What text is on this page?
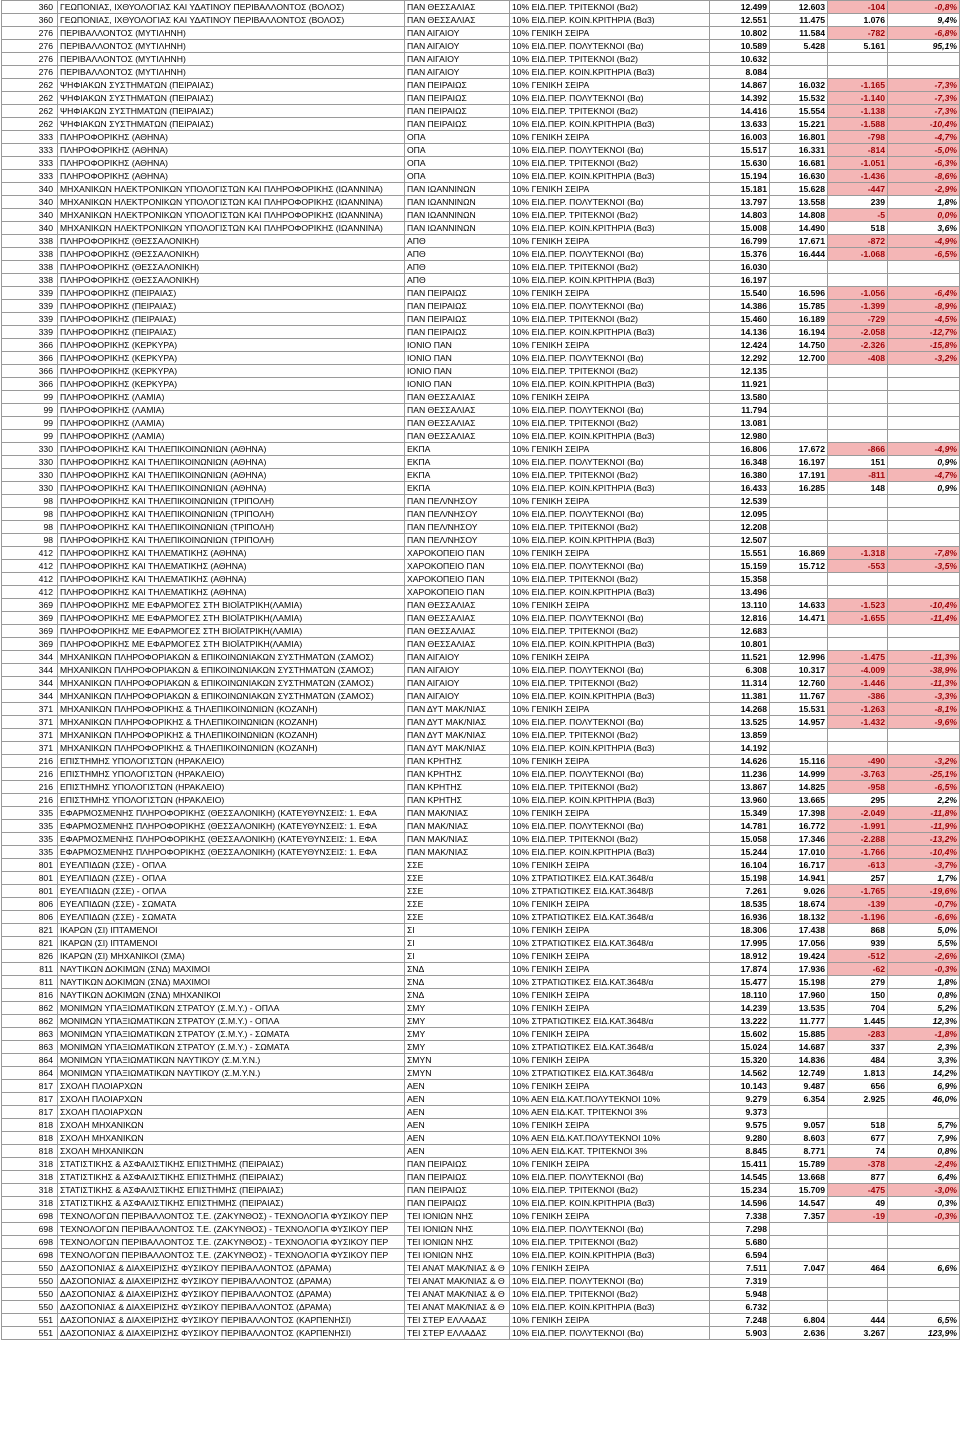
360	ΓΕΩΠΟΝΙΑΣ, ΙΧΘΥΟΛΟΓΙΑΣ ΚΑΙ ΥΔΑΤΙΝΟΥ ΠΕΡΙΒΑΛΛΟΝΤΟΣ (ΒΟΛΟΣ)	ΠΑΝ ΘΕΣΣΑΛΙΑΣ	10% ΕΙΔ.ΠΕΡ. ΤΡΙΤΕΚΝΟΙ (Βα2)	12.499	12.603	-104	-0,8%
360	ΓΕΩΠΟΝΙΑΣ, ΙΧΘΥΟΛΟΓΙΑΣ ΚΑΙ ΥΔΑΤΙΝΟΥ ΠΕΡΙΒΑΛΛΟΝΤΟΣ (ΒΟΛΟΣ)	ΠΑΝ ΘΕΣΣΑΛΙΑΣ	10% ΕΙΔ.ΠΕΡ. ΚΟΙΝ.ΚΡΙΤΗΡΙΑ (Βα3)	12.551	11.475	1.076	9,4%
276	ΠΕΡΙΒΑΛΛΟΝΤΟΣ (ΜΥΤΙΛΗΝΗ)	ΠΑΝ ΑΙΓΑΙΟΥ	10% ΓΕΝΙΚΗ ΣΕΙΡΑ	10.802	11.584	-782	-6,8%
276	ΠΕΡΙΒΑΛΛΟΝΤΟΣ (ΜΥΤΙΛΗΝΗ)	ΠΑΝ ΑΙΓΑΙΟΥ	10% ΕΙΔ.ΠΕΡ. ΠΟΛΥΤΕΚΝΟΙ (Βα)	10.589	5.428	5.161	95,1%
276	ΠΕΡΙΒΑΛΛΟΝΤΟΣ (ΜΥΤΙΛΗΝΗ)	ΠΑΝ ΑΙΓΑΙΟΥ	10% ΕΙΔ.ΠΕΡ. ΤΡΙΤΕΚΝΟΙ (Βα2)	10.632			
276	ΠΕΡΙΒΑΛΛΟΝΤΟΣ (ΜΥΤΙΛΗΝΗ)	ΠΑΝ ΑΙΓΑΙΟΥ	10% ΕΙΔ.ΠΕΡ. ΚΟΙΝ.ΚΡΙΤΗΡΙΑ (Βα3)	8.084			
262	ΨΗΦΙΑΚΩΝ ΣΥΣΤΗΜΑΤΩΝ (ΠΕΙΡΑΙΑΣ)	ΠΑΝ ΠΕΙΡΑΙΩΣ	10% ΓΕΝΙΚΗ ΣΕΙΡΑ	14.867	16.032	-1.165	-7,3%
262	ΨΗΦΙΑΚΩΝ ΣΥΣΤΗΜΑΤΩΝ (ΠΕΙΡΑΙΑΣ)	ΠΑΝ ΠΕΙΡΑΙΩΣ	10% ΕΙΔ.ΠΕΡ. ΠΟΛΥΤΕΚΝΟΙ (Βα)	14.392	15.532	-1.140	-7,3%
262	ΨΗΦΙΑΚΩΝ ΣΥΣΤΗΜΑΤΩΝ (ΠΕΙΡΑΙΑΣ)	ΠΑΝ ΠΕΙΡΑΙΩΣ	10% ΕΙΔ.ΠΕΡ. ΤΡΙΤΕΚΝΟΙ (Βα2)	14.416	15.554	-1.138	-7,3%
262	ΨΗΦΙΑΚΩΝ ΣΥΣΤΗΜΑΤΩΝ (ΠΕΙΡΑΙΑΣ)	ΠΑΝ ΠΕΙΡΑΙΩΣ	10% ΕΙΔ.ΠΕΡ. ΚΟΙΝ.ΚΡΙΤΗΡΙΑ (Βα3)	13.633	15.221	-1.588	-10,4%
333	ΠΛΗΡΟΦΟΡΙΚΗΣ (ΑΘΗΝΑ)	ΟΠΑ	10% ΓΕΝΙΚΗ ΣΕΙΡΑ	16.003	16.801	-798	-4,7%
333	ΠΛΗΡΟΦΟΡΙΚΗΣ (ΑΘΗΝΑ)	ΟΠΑ	10% ΕΙΔ.ΠΕΡ. ΠΟΛΥΤΕΚΝΟΙ (Βα)	15.517	16.331	-814	-5,0%
333	ΠΛΗΡΟΦΟΡΙΚΗΣ (ΑΘΗΝΑ)	ΟΠΑ	10% ΕΙΔ.ΠΕΡ. ΤΡΙΤΕΚΝΟΙ (Βα2)	15.630	16.681	-1.051	-6,3%
333	ΠΛΗΡΟΦΟΡΙΚΗΣ (ΑΘΗΝΑ)	ΟΠΑ	10% ΕΙΔ.ΠΕΡ. ΚΟΙΝ.ΚΡΙΤΗΡΙΑ (Βα3)	15.194	16.630	-1.436	-8,6%
340	ΜΗΧΑΝΙΚΩΝ ΗΛΕΚΤΡΟΝΙΚΩΝ ΥΠΟΛΟΓΙΣΤΩΝ ΚΑΙ ΠΛΗΡΟΦΟΡΙΚΗΣ (ΙΩΑΝΝΙΝΑ)	ΠΑΝ ΙΩΑΝΝΙΝΩΝ	10% ΓΕΝΙΚΗ ΣΕΙΡΑ	15.181	15.628	-447	-2,9%
340	ΜΗΧΑΝΙΚΩΝ ΗΛΕΚΤΡΟΝΙΚΩΝ ΥΠΟΛΟΓΙΣΤΩΝ ΚΑΙ ΠΛΗΡΟΦΟΡΙΚΗΣ (ΙΩΑΝΝΙΝΑ)	ΠΑΝ ΙΩΑΝΝΙΝΩΝ	10% ΕΙΔ.ΠΕΡ. ΠΟΛΥΤΕΚΝΟΙ (Βα)	13.797	13.558	239	1,8%
340	ΜΗΧΑΝΙΚΩΝ ΗΛΕΚΤΡΟΝΙΚΩΝ ΥΠΟΛΟΓΙΣΤΩΝ ΚΑΙ ΠΛΗΡΟΦΟΡΙΚΗΣ (ΙΩΑΝΝΙΝΑ)	ΠΑΝ ΙΩΑΝΝΙΝΩΝ	10% ΕΙΔ.ΠΕΡ. ΤΡΙΤΕΚΝΟΙ (Βα2)	14.803	14.808	-5	0,0%
340	ΜΗΧΑΝΙΚΩΝ ΗΛΕΚΤΡΟΝΙΚΩΝ ΥΠΟΛΟΓΙΣΤΩΝ ΚΑΙ ΠΛΗΡΟΦΟΡΙΚΗΣ (ΙΩΑΝΝΙΝΑ)	ΠΑΝ ΙΩΑΝΝΙΝΩΝ	10% ΕΙΔ.ΠΕΡ. ΚΟΙΝ.ΚΡΙΤΗΡΙΑ (Βα3)	15.008	14.490	518	3,6%
338	ΠΛΗΡΟΦΟΡΙΚΗΣ (ΘΕΣΣΑΛΟΝΙΚΗ)	ΑΠΘ	10% ΓΕΝΙΚΗ ΣΕΙΡΑ	16.799	17.671	-872	-4,9%
338	ΠΛΗΡΟΦΟΡΙΚΗΣ (ΘΕΣΣΑΛΟΝΙΚΗ)	ΑΠΘ	10% ΕΙΔ.ΠΕΡ. ΠΟΛΥΤΕΚΝΟΙ (Βα)	15.376	16.444	-1.068	-6,5%
338	ΠΛΗΡΟΦΟΡΙΚΗΣ (ΘΕΣΣΑΛΟΝΙΚΗ)	ΑΠΘ	10% ΕΙΔ.ΠΕΡ. ΤΡΙΤΕΚΝΟΙ (Βα2)	16.030			
338	ΠΛΗΡΟΦΟΡΙΚΗΣ (ΘΕΣΣΑΛΟΝΙΚΗ)	ΑΠΘ	10% ΕΙΔ.ΠΕΡ. ΚΟΙΝ.ΚΡΙΤΗΡΙΑ (Βα3)	16.197			
339	ΠΛΗΡΟΦΟΡΙΚΗΣ (ΠΕΙΡΑΙΑΣ)	ΠΑΝ ΠΕΙΡΑΙΩΣ	10% ΓΕΝΙΚΗ ΣΕΙΡΑ	15.540	16.596	-1.056	-6,4%
339	ΠΛΗΡΟΦΟΡΙΚΗΣ (ΠΕΙΡΑΙΑΣ)	ΠΑΝ ΠΕΙΡΑΙΩΣ	10% ΕΙΔ.ΠΕΡ. ΠΟΛΥΤΕΚΝΟΙ (Βα)	14.386	15.785	-1.399	-8,9%
339	ΠΛΗΡΟΦΟΡΙΚΗΣ (ΠΕΙΡΑΙΑΣ)	ΠΑΝ ΠΕΙΡΑΙΩΣ	10% ΕΙΔ.ΠΕΡ. ΤΡΙΤΕΚΝΟΙ (Βα2)	15.460	16.189	-729	-4,5%
339	ΠΛΗΡΟΦΟΡΙΚΗΣ (ΠΕΙΡΑΙΑΣ)	ΠΑΝ ΠΕΙΡΑΙΩΣ	10% ΕΙΔ.ΠΕΡ. ΚΟΙΝ.ΚΡΙΤΗΡΙΑ (Βα3)	14.136	16.194	-2.058	-12,7%
366	ΠΛΗΡΟΦΟΡΙΚΗΣ (ΚΕΡΚΥΡΑ)	ΙΟΝΙΟ ΠΑΝ	10% ΓΕΝΙΚΗ ΣΕΙΡΑ	12.424	14.750	-2.326	-15,8%
366	ΠΛΗΡΟΦΟΡΙΚΗΣ (ΚΕΡΚΥΡΑ)	ΙΟΝΙΟ ΠΑΝ	10% ΕΙΔ.ΠΕΡ. ΠΟΛΥΤΕΚΝΟΙ (Βα)	12.292	12.700	-408	-3,2%
366	ΠΛΗΡΟΦΟΡΙΚΗΣ (ΚΕΡΚΥΡΑ)	ΙΟΝΙΟ ΠΑΝ	10% ΕΙΔ.ΠΕΡ. ΤΡΙΤΕΚΝΟΙ (Βα2)	12.135			
366	ΠΛΗΡΟΦΟΡΙΚΗΣ (ΚΕΡΚΥΡΑ)	ΙΟΝΙΟ ΠΑΝ	10% ΕΙΔ.ΠΕΡ. ΚΟΙΝ.ΚΡΙΤΗΡΙΑ (Βα3)	11.921			
99	ΠΛΗΡΟΦΟΡΙΚΗΣ (ΛΑΜΙΑ)	ΠΑΝ ΘΕΣΣΑΛΙΑΣ	10% ΓΕΝΙΚΗ ΣΕΙΡΑ	13.580			
99	ΠΛΗΡΟΦΟΡΙΚΗΣ (ΛΑΜΙΑ)	ΠΑΝ ΘΕΣΣΑΛΙΑΣ	10% ΕΙΔ.ΠΕΡ. ΠΟΛΥΤΕΚΝΟΙ (Βα)	11.794			
99	ΠΛΗΡΟΦΟΡΙΚΗΣ (ΛΑΜΙΑ)	ΠΑΝ ΘΕΣΣΑΛΙΑΣ	10% ΕΙΔ.ΠΕΡ. ΤΡΙΤΕΚΝΟΙ (Βα2)	13.081			
99	ΠΛΗΡΟΦΟΡΙΚΗΣ (ΛΑΜΙΑ)	ΠΑΝ ΘΕΣΣΑΛΙΑΣ	10% ΕΙΔ.ΠΕΡ. ΚΟΙΝ.ΚΡΙΤΗΡΙΑ (Βα3)	12.980			
330	ΠΛΗΡΟΦΟΡΙΚΗΣ ΚΑΙ ΤΗΛΕΠΙΚΟΙΝΩΝΙΩΝ (ΑΘΗΝΑ)	ΕΚΠΑ	10% ΓΕΝΙΚΗ ΣΕΙΡΑ	16.806	17.672	-866	-4,9%
330	ΠΛΗΡΟΦΟΡΙΚΗΣ ΚΑΙ ΤΗΛΕΠΙΚΟΙΝΩΝΙΩΝ (ΑΘΗΝΑ)	ΕΚΠΑ	10% ΕΙΔ.ΠΕΡ. ΠΟΛΥΤΕΚΝΟΙ (Βα)	16.348	16.197	151	0,9%
330	ΠΛΗΡΟΦΟΡΙΚΗΣ ΚΑΙ ΤΗΛΕΠΙΚΟΙΝΩΝΙΩΝ (ΑΘΗΝΑ)	ΕΚΠΑ	10% ΕΙΔ.ΠΕΡ. ΤΡΙΤΕΚΝΟΙ (Βα2)	16.380	17.191	-811	-4,7%
330	ΠΛΗΡΟΦΟΡΙΚΗΣ ΚΑΙ ΤΗΛΕΠΙΚΟΙΝΩΝΙΩΝ (ΑΘΗΝΑ)	ΕΚΠΑ	10% ΕΙΔ.ΠΕΡ. ΚΟΙΝ.ΚΡΙΤΗΡΙΑ (Βα3)	16.433	16.285	148	0,9%
98	ΠΛΗΡΟΦΟΡΙΚΗΣ ΚΑΙ ΤΗΛΕΠΙΚΟΙΝΩΝΙΩΝ (ΤΡΙΠΟΛΗ)	ΠΑΝ ΠΕΛ/ΝΗΣΟΥ	10% ΓΕΝΙΚΗ ΣΕΙΡΑ	12.539			
98	ΠΛΗΡΟΦΟΡΙΚΗΣ ΚΑΙ ΤΗΛΕΠΙΚΟΙΝΩΝΙΩΝ (ΤΡΙΠΟΛΗ)	ΠΑΝ ΠΕΛ/ΝΗΣΟΥ	10% ΕΙΔ.ΠΕΡ. ΠΟΛΥΤΕΚΝΟΙ (Βα)	12.095			
98	ΠΛΗΡΟΦΟΡΙΚΗΣ ΚΑΙ ΤΗΛΕΠΙΚΟΙΝΩΝΙΩΝ (ΤΡΙΠΟΛΗ)	ΠΑΝ ΠΕΛ/ΝΗΣΟΥ	10% ΕΙΔ.ΠΕΡ. ΤΡΙΤΕΚΝΟΙ (Βα2)	12.208			
98	ΠΛΗΡΟΦΟΡΙΚΗΣ ΚΑΙ ΤΗΛΕΠΙΚΟΙΝΩΝΙΩΝ (ΤΡΙΠΟΛΗ)	ΠΑΝ ΠΕΛ/ΝΗΣΟΥ	10% ΕΙΔ.ΠΕΡ. ΚΟΙΝ.ΚΡΙΤΗΡΙΑ (Βα3)	12.507			
412	ΠΛΗΡΟΦΟΡΙΚΗΣ ΚΑΙ ΤΗΛΕΜΑΤΙΚΗΣ (ΑΘΗΝΑ)	ΧΑΡΟΚΟΠΕΙΟ ΠΑΝ	10% ΓΕΝΙΚΗ ΣΕΙΡΑ	15.551	16.869	-1.318	-7,8%
412	ΠΛΗΡΟΦΟΡΙΚΗΣ ΚΑΙ ΤΗΛΕΜΑΤΙΚΗΣ (ΑΘΗΝΑ)	ΧΑΡΟΚΟΠΕΙΟ ΠΑΝ	10% ΕΙΔ.ΠΕΡ. ΠΟΛΥΤΕΚΝΟΙ (Βα)	15.159	15.712	-553	-3,5%
412	ΠΛΗΡΟΦΟΡΙΚΗΣ ΚΑΙ ΤΗΛΕΜΑΤΙΚΗΣ (ΑΘΗΝΑ)	ΧΑΡΟΚΟΠΕΙΟ ΠΑΝ	10% ΕΙΔ.ΠΕΡ. ΤΡΙΤΕΚΝΟΙ (Βα2)	15.358			
412	ΠΛΗΡΟΦΟΡΙΚΗΣ ΚΑΙ ΤΗΛΕΜΑΤΙΚΗΣ (ΑΘΗΝΑ)	ΧΑΡΟΚΟΠΕΙΟ ΠΑΝ	10% ΕΙΔ.ΠΕΡ. ΚΟΙΝ.ΚΡΙΤΗΡΙΑ (Βα3)	13.496			
369	ΠΛΗΡΟΦΟΡΙΚΗΣ ΜΕ ΕΦΑΡΜΟΓΕΣ ΣΤΗ ΒΙΟΪΑΤΡΙΚΗ(ΛΑΜΙΑ)	ΠΑΝ ΘΕΣΣΑΛΙΑΣ	10% ΓΕΝΙΚΗ ΣΕΙΡΑ	13.110	14.633	-1.523	-10,4%
369	ΠΛΗΡΟΦΟΡΙΚΗΣ ΜΕ ΕΦΑΡΜΟΓΕΣ ΣΤΗ ΒΙΟΪΑΤΡΙΚΗ(ΛΑΜΙΑ)	ΠΑΝ ΘΕΣΣΑΛΙΑΣ	10% ΕΙΔ.ΠΕΡ. ΠΟΛΥΤΕΚΝΟΙ (Βα)	12.816	14.471	-1.655	-11,4%
369	ΠΛΗΡΟΦΟΡΙΚΗΣ ΜΕ ΕΦΑΡΜΟΓΕΣ ΣΤΗ ΒΙΟΪΑΤΡΙΚΗ(ΛΑΜΙΑ)	ΠΑΝ ΘΕΣΣΑΛΙΑΣ	10% ΕΙΔ.ΠΕΡ. ΤΡΙΤΕΚΝΟΙ (Βα2)	12.683			
369	ΠΛΗΡΟΦΟΡΙΚΗΣ ΜΕ ΕΦΑΡΜΟΓΕΣ ΣΤΗ ΒΙΟΪΑΤΡΙΚΗ(ΛΑΜΙΑ)	ΠΑΝ ΘΕΣΣΑΛΙΑΣ	10% ΕΙΔ.ΠΕΡ. ΚΟΙΝ.ΚΡΙΤΗΡΙΑ (Βα3)	10.801			
344	ΜΗΧΑΝΙΚΩΝ ΠΛΗΡΟΦΟΡΙΑΚΩΝ & ΕΠΙΚΟΙΝΩΝΙΑΚΩΝ ΣΥΣΤΗΜΑΤΩΝ (ΣΑΜΟΣ)	ΠΑΝ ΑΙΓΑΙΟΥ	10% ΓΕΝΙΚΗ ΣΕΙΡΑ	11.521	12.996	-1.475	-11,3%
344	ΜΗΧΑΝΙΚΩΝ ΠΛΗΡΟΦΟΡΙΑΚΩΝ & ΕΠΙΚΟΙΝΩΝΙΑΚΩΝ ΣΥΣΤΗΜΑΤΩΝ (ΣΑΜΟΣ)	ΠΑΝ ΑΙΓΑΙΟΥ	10% ΕΙΔ.ΠΕΡ. ΠΟΛΥΤΕΚΝΟΙ (Βα)	6.308	10.317	-4.009	-38,9%
344	ΜΗΧΑΝΙΚΩΝ ΠΛΗΡΟΦΟΡΙΑΚΩΝ & ΕΠΙΚΟΙΝΩΝΙΑΚΩΝ ΣΥΣΤΗΜΑΤΩΝ (ΣΑΜΟΣ)	ΠΑΝ ΑΙΓΑΙΟΥ	10% ΕΙΔ.ΠΕΡ. ΤΡΙΤΕΚΝΟΙ (Βα2)	11.314	12.760	-1.446	-11,3%
344	ΜΗΧΑΝΙΚΩΝ ΠΛΗΡΟΦΟΡΙΑΚΩΝ & ΕΠΙΚΟΙΝΩΝΙΑΚΩΝ ΣΥΣΤΗΜΑΤΩΝ (ΣΑΜΟΣ)	ΠΑΝ ΑΙΓΑΙΟΥ	10% ΕΙΔ.ΠΕΡ. ΚΟΙΝ.ΚΡΙΤΗΡΙΑ (Βα3)	11.381	11.767	-386	-3,3%
371	ΜΗΧΑΝΙΚΩΝ ΠΛΗΡΟΦΟΡΙΚΗΣ & ΤΗΛΕΠΙΚΟΙΝΩΝΙΩΝ (ΚΟΖΑΝΗ)	ΠΑΝ ΔΥΤ ΜΑΚ/ΝΙΑΣ	10% ΓΕΝΙΚΗ ΣΕΙΡΑ	14.268	15.531	-1.263	-8,1%
371	ΜΗΧΑΝΙΚΩΝ ΠΛΗΡΟΦΟΡΙΚΗΣ & ΤΗΛΕΠΙΚΟΙΝΩΝΙΩΝ (ΚΟΖΑΝΗ)	ΠΑΝ ΔΥΤ ΜΑΚ/ΝΙΑΣ	10% ΕΙΔ.ΠΕΡ. ΠΟΛΥΤΕΚΝΟΙ (Βα)	13.525	14.957	-1.432	-9,6%
371	ΜΗΧΑΝΙΚΩΝ ΠΛΗΡΟΦΟΡΙΚΗΣ & ΤΗΛΕΠΙΚΟΙΝΩΝΙΩΝ (ΚΟΖΑΝΗ)	ΠΑΝ ΔΥΤ ΜΑΚ/ΝΙΑΣ	10% ΕΙΔ.ΠΕΡ. ΤΡΙΤΕΚΝΟΙ (Βα2)	13.859			
371	ΜΗΧΑΝΙΚΩΝ ΠΛΗΡΟΦΟΡΙΚΗΣ & ΤΗΛΕΠΙΚΟΙΝΩΝΙΩΝ (ΚΟΖΑΝΗ)	ΠΑΝ ΔΥΤ ΜΑΚ/ΝΙΑΣ	10% ΕΙΔ.ΠΕΡ. ΚΟΙΝ.ΚΡΙΤΗΡΙΑ (Βα3)	14.192			
216	ΕΠΙΣΤΗΜΗΣ ΥΠΟΛΟΓΙΣΤΩΝ (ΗΡΑΚΛΕΙΟ)	ΠΑΝ ΚΡΗΤΗΣ	10% ΓΕΝΙΚΗ ΣΕΙΡΑ	14.626	15.116	-490	-3,2%
216	ΕΠΙΣΤΗΜΗΣ ΥΠΟΛΟΓΙΣΤΩΝ (ΗΡΑΚΛΕΙΟ)	ΠΑΝ ΚΡΗΤΗΣ	10% ΕΙΔ.ΠΕΡ. ΠΟΛΥΤΕΚΝΟΙ (Βα)	11.236	14.999	-3.763	-25,1%
216	ΕΠΙΣΤΗΜΗΣ ΥΠΟΛΟΓΙΣΤΩΝ (ΗΡΑΚΛΕΙΟ)	ΠΑΝ ΚΡΗΤΗΣ	10% ΕΙΔ.ΠΕΡ. ΤΡΙΤΕΚΝΟΙ (Βα2)	13.867	14.825	-958	-6,5%
216	ΕΠΙΣΤΗΜΗΣ ΥΠΟΛΟΓΙΣΤΩΝ (ΗΡΑΚΛΕΙΟ)	ΠΑΝ ΚΡΗΤΗΣ	10% ΕΙΔ.ΠΕΡ. ΚΟΙΝ.ΚΡΙΤΗΡΙΑ (Βα3)	13.960	13.665	295	2,2%
335	ΕΦΑΡΜΟΣΜΕΝΗΣ ΠΛΗΡΟΦΟΡΙΚΗΣ (ΘΕΣΣΑΛΟΝΙΚΗ) (ΚΑΤΕΥΘΥΝΣΕΙΣ: 1. ΕΦΑ	ΠΑΝ ΜΑΚ/ΝΙΑΣ	10% ΓΕΝΙΚΗ ΣΕΙΡΑ	15.349	17.398	-2.049	-11,8%
335	ΕΦΑΡΜΟΣΜΕΝΗΣ ΠΛΗΡΟΦΟΡΙΚΗΣ (ΘΕΣΣΑΛΟΝΙΚΗ) (ΚΑΤΕΥΘΥΝΣΕΙΣ: 1. ΕΦΑ	ΠΑΝ ΜΑΚ/ΝΙΑΣ	10% ΕΙΔ.ΠΕΡ. ΠΟΛΥΤΕΚΝΟΙ (Βα)	14.781	16.772	-1.991	-11,9%
335	ΕΦΑΡΜΟΣΜΕΝΗΣ ΠΛΗΡΟΦΟΡΙΚΗΣ (ΘΕΣΣΑΛΟΝΙΚΗ) (ΚΑΤΕΥΘΥΝΣΕΙΣ: 1. ΕΦΑ	ΠΑΝ ΜΑΚ/ΝΙΑΣ	10% ΕΙΔ.ΠΕΡ. ΤΡΙΤΕΚΝΟΙ (Βα2)	15.058	17.346	-2.288	-13,2%
335	ΕΦΑΡΜΟΣΜΕΝΗΣ ΠΛΗΡΟΦΟΡΙΚΗΣ (ΘΕΣΣΑΛΟΝΙΚΗ) (ΚΑΤΕΥΘΥΝΣΕΙΣ: 1. ΕΦΑ	ΠΑΝ ΜΑΚ/ΝΙΑΣ	10% ΕΙΔ.ΠΕΡ. ΚΟΙΝ.ΚΡΙΤΗΡΙΑ (Βα3)	15.244	17.010	-1.766	-10,4%
801	ΕΥΕΛΠΙΔΩΝ (ΣΣΕ) - ΟΠΛΑ	ΣΣΕ	10% ΓΕΝΙΚΗ ΣΕΙΡΑ	16.104	16.717	-613	-3,7%
801	ΕΥΕΛΠΙΔΩΝ (ΣΣΕ) - ΟΠΛΑ	ΣΣΕ	10% ΣΤΡΑΤΙΩΤΙΚΕΣ ΕΙΔ.ΚΑΤ.3648/α	15.198	14.941	257	1,7%
801	ΕΥΕΛΠΙΔΩΝ (ΣΣΕ) - ΟΠΛΑ	ΣΣΕ	10% ΣΤΡΑΤΙΩΤΙΚΕΣ ΕΙΔ.ΚΑΤ.3648/β	7.261	9.026	-1.765	-19,6%
806	ΕΥΕΛΠΙΔΩΝ (ΣΣΕ) - ΣΩΜΑΤΑ	ΣΣΕ	10% ΓΕΝΙΚΗ ΣΕΙΡΑ	18.535	18.674	-139	-0,7%
806	ΕΥΕΛΠΙΔΩΝ (ΣΣΕ) - ΣΩΜΑΤΑ	ΣΣΕ	10% ΣΤΡΑΤΙΩΤΙΚΕΣ ΕΙΔ.ΚΑΤ.3648/α	16.936	18.132	-1.196	-6,6%
821	ΙΚΑΡΩΝ (ΣΙ) ΙΠΤΑΜΕΝΟΙ	ΣΙ	10% ΓΕΝΙΚΗ ΣΕΙΡΑ	18.306	17.438	868	5,0%
821	ΙΚΑΡΩΝ (ΣΙ) ΙΠΤΑΜΕΝΟΙ	ΣΙ	10% ΣΤΡΑΤΙΩΤΙΚΕΣ ΕΙΔ.ΚΑΤ.3648/α	17.995	17.056	939	5,5%
826	ΙΚΑΡΩΝ (ΣΙ) ΜΗΧΑΝΙΚΟΙ (ΣΜΑ)	ΣΙ	10% ΓΕΝΙΚΗ ΣΕΙΡΑ	18.912	19.424	-512	-2,6%
811	ΝΑΥΤΙΚΩΝ ΔΟΚΙΜΩΝ (ΣΝΔ) ΜΑΧΙΜΟΙ	ΣΝΔ	10% ΓΕΝΙΚΗ ΣΕΙΡΑ	17.874	17.936	-62	-0,3%
811	ΝΑΥΤΙΚΩΝ ΔΟΚΙΜΩΝ (ΣΝΔ) ΜΑΧΙΜΟΙ	ΣΝΔ	10% ΣΤΡΑΤΙΩΤΙΚΕΣ ΕΙΔ.ΚΑΤ.3648/α	15.477	15.198	279	1,8%
816	ΝΑΥΤΙΚΩΝ ΔΟΚΙΜΩΝ (ΣΝΔ) ΜΗΧΑΝΙΚΟΙ	ΣΝΔ	10% ΓΕΝΙΚΗ ΣΕΙΡΑ	18.110	17.960	150	0,8%
862	ΜΟΝΙΜΩΝ ΥΠΑΞΙΩΜΑΤΙΚΩΝ ΣΤΡΑΤΟΥ (Σ.Μ.Υ.) - ΟΠΛΑ	ΣΜΥ	10% ΓΕΝΙΚΗ ΣΕΙΡΑ	14.239	13.535	704	5,2%
862	ΜΟΝΙΜΩΝ ΥΠΑΞΙΩΜΑΤΙΚΩΝ ΣΤΡΑΤΟΥ (Σ.Μ.Υ.) - ΟΠΛΑ	ΣΜΥ	10% ΣΤΡΑΤΙΩΤΙΚΕΣ ΕΙΔ.ΚΑΤ.3648/α	13.222	11.777	1.445	12,3%
863	ΜΟΝΙΜΩΝ ΥΠΑΞΙΩΜΑΤΙΚΩΝ ΣΤΡΑΤΟΥ (Σ.Μ.Υ.) - ΣΩΜΑΤΑ	ΣΜΥ	10% ΓΕΝΙΚΗ ΣΕΙΡΑ	15.602	15.885	-283	-1,8%
863	ΜΟΝΙΜΩΝ ΥΠΑΞΙΩΜΑΤΙΚΩΝ ΣΤΡΑΤΟΥ (Σ.Μ.Υ.) - ΣΩΜΑΤΑ	ΣΜΥ	10% ΣΤΡΑΤΙΩΤΙΚΕΣ ΕΙΔ.ΚΑΤ.3648/α	15.024	14.687	337	2,3%
864	ΜΟΝΙΜΩΝ ΥΠΑΞΙΩΜΑΤΙΚΩΝ ΝΑΥΤΙΚΟΥ (Σ.Μ.Υ.Ν.)	ΣΜΥΝ	10% ΓΕΝΙΚΗ ΣΕΙΡΑ	15.320	14.836	484	3,3%
864	ΜΟΝΙΜΩΝ ΥΠΑΞΙΩΜΑΤΙΚΩΝ ΝΑΥΤΙΚΟΥ (Σ.Μ.Υ.Ν.)	ΣΜΥΝ	10% ΣΤΡΑΤΙΩΤΙΚΕΣ ΕΙΔ.ΚΑΤ.3648/α	14.562	12.749	1.813	14,2%
817	ΣΧΟΛΗ ΠΛΟΙΑΡΧΩΝ	ΑΕΝ	10% ΓΕΝΙΚΗ ΣΕΙΡΑ	10.143	9.487	656	6,9%
817	ΣΧΟΛΗ ΠΛΟΙΑΡΧΩΝ	ΑΕΝ	10% ΑΕΝ ΕΙΔ.ΚΑΤ.ΠΟΛΥΤΕΚΝΟΙ 10%	9.279	6.354	2.925	46,0%
817	ΣΧΟΛΗ ΠΛΟΙΑΡΧΩΝ	ΑΕΝ	10% ΑΕΝ ΕΙΔ.ΚΑΤ. ΤΡΙΤΕΚΝΟΙ 3%	9.373			
818	ΣΧΟΛΗ ΜΗΧΑΝΙΚΩΝ	ΑΕΝ	10% ΓΕΝΙΚΗ ΣΕΙΡΑ	9.575	9.057	518	5,7%
818	ΣΧΟΛΗ ΜΗΧΑΝΙΚΩΝ	ΑΕΝ	10% ΑΕΝ ΕΙΔ.ΚΑΤ.ΠΟΛΥΤΕΚΝΟΙ 10%	9.280	8.603	677	7,9%
818	ΣΧΟΛΗ ΜΗΧΑΝΙΚΩΝ	ΑΕΝ	10% ΑΕΝ ΕΙΔ.ΚΑΤ. ΤΡΙΤΕΚΝΟΙ 3%	8.845	8.771	74	0,8%
318	ΣΤΑΤΙΣΤΙΚΗΣ & ΑΣΦΑΛΙΣΤΙΚΗΣ ΕΠΙΣΤΗΜΗΣ (ΠΕΙΡΑΙΑΣ)	ΠΑΝ ΠΕΙΡΑΙΩΣ	10% ΓΕΝΙΚΗ ΣΕΙΡΑ	15.411	15.789	-378	-2,4%
318	ΣΤΑΤΙΣΤΙΚΗΣ & ΑΣΦΑΛΙΣΤΙΚΗΣ ΕΠΙΣΤΗΜΗΣ (ΠΕΙΡΑΙΑΣ)	ΠΑΝ ΠΕΙΡΑΙΩΣ	10% ΕΙΔ.ΠΕΡ. ΠΟΛΥΤΕΚΝΟΙ (Βα)	14.545	13.668	877	6,4%
318	ΣΤΑΤΙΣΤΙΚΗΣ & ΑΣΦΑΛΙΣΤΙΚΗΣ ΕΠΙΣΤΗΜΗΣ (ΠΕΙΡΑΙΑΣ)	ΠΑΝ ΠΕΙΡΑΙΩΣ	10% ΕΙΔ.ΠΕΡ. ΤΡΙΤΕΚΝΟΙ (Βα2)	15.234	15.709	-475	-3,0%
318	ΣΤΑΤΙΣΤΙΚΗΣ & ΑΣΦΑΛΙΣΤΙΚΗΣ ΕΠΙΣΤΗΜΗΣ (ΠΕΙΡΑΙΑΣ)	ΠΑΝ ΠΕΙΡΑΙΩΣ	10% ΕΙΔ.ΠΕΡ. ΚΟΙΝ.ΚΡΙΤΗΡΙΑ (Βα3)	14.596	14.547	49	0,3%
698	ΤΕΧΝΟΛΟΓΩΝ ΠΕΡΙΒΑΛΛΟΝΤΟΣ Τ.Ε. (ΖΑΚΥΝΘΟΣ) - ΤΕΧΝΟΛΟΓΙΑ ΦΥΣΙΚΟΥ ΠΕΡ	ΤΕΙ ΙΟΝΙΩΝ ΝΗΣ	10% ΓΕΝΙΚΗ ΣΕΙΡΑ	7.338	7.357	-19	-0,3%
698	ΤΕΧΝΟΛΟΓΩΝ ΠΕΡΙΒΑΛΛΟΝΤΟΣ Τ.Ε. (ΖΑΚΥΝΘΟΣ) - ΤΕΧΝΟΛΟΓΙΑ ΦΥΣΙΚΟΥ ΠΕΡ	ΤΕΙ ΙΟΝΙΩΝ ΝΗΣ	10% ΕΙΔ.ΠΕΡ. ΠΟΛΥΤΕΚΝΟΙ (Βα)	7.298			
698	ΤΕΧΝΟΛΟΓΩΝ ΠΕΡΙΒΑΛΛΟΝΤΟΣ Τ.Ε. (ΖΑΚΥΝΘΟΣ) - ΤΕΧΝΟΛΟΓΙΑ ΦΥΣΙΚΟΥ ΠΕΡ	ΤΕΙ ΙΟΝΙΩΝ ΝΗΣ	10% ΕΙΔ.ΠΕΡ. ΤΡΙΤΕΚΝΟΙ (Βα2)	5.680			
698	ΤΕΧΝΟΛΟΓΩΝ ΠΕΡΙΒΑΛΛΟΝΤΟΣ Τ.Ε. (ΖΑΚΥΝΘΟΣ) - ΤΕΧΝΟΛΟΓΙΑ ΦΥΣΙΚΟΥ ΠΕΡ	ΤΕΙ ΙΟΝΙΩΝ ΝΗΣ	10% ΕΙΔ.ΠΕΡ. ΚΟΙΝ.ΚΡΙΤΗΡΙΑ (Βα3)	6.594			
550	ΔΑΣΟΠΟΝΙΑΣ & ΔΙΑΧΕΙΡΙΣΗΣ ΦΥΣΙΚΟΥ ΠΕΡΙΒΑΛΛΟΝΤΟΣ (ΔΡΑΜΑ)	ΤΕΙ ΑΝΑΤ ΜΑΚ/ΝΙΑΣ & Θ	10% ΓΕΝΙΚΗ ΣΕΙΡΑ	7.511	7.047	464	6,6%
550	ΔΑΣΟΠΟΝΙΑΣ & ΔΙΑΧΕΙΡΙΣΗΣ ΦΥΣΙΚΟΥ ΠΕΡΙΒΑΛΛΟΝΤΟΣ (ΔΡΑΜΑ)	ΤΕΙ ΑΝΑΤ ΜΑΚ/ΝΙΑΣ & Θ	10% ΕΙΔ.ΠΕΡ. ΠΟΛΥΤΕΚΝΟΙ (Βα)	7.319			
550	ΔΑΣΟΠΟΝΙΑΣ & ΔΙΑΧΕΙΡΙΣΗΣ ΦΥΣΙΚΟΥ ΠΕΡΙΒΑΛΛΟΝΤΟΣ (ΔΡΑΜΑ)	ΤΕΙ ΑΝΑΤ ΜΑΚ/ΝΙΑΣ & Θ	10% ΕΙΔ.ΠΕΡ. ΤΡΙΤΕΚΝΟΙ (Βα2)	5.948			
550	ΔΑΣΟΠΟΝΙΑΣ & ΔΙΑΧΕΙΡΙΣΗΣ ΦΥΣΙΚΟΥ ΠΕΡΙΒΑΛΛΟΝΤΟΣ (ΔΡΑΜΑ)	ΤΕΙ ΑΝΑΤ ΜΑΚ/ΝΙΑΣ & Θ	10% ΕΙΔ.ΠΕΡ. ΚΟΙΝ.ΚΡΙΤΗΡΙΑ (Βα3)	6.732			
551	ΔΑΣΟΠΟΝΙΑΣ & ΔΙΑΧΕΙΡΙΣΗΣ ΦΥΣΙΚΟΥ ΠΕΡΙΒΑΛΛΟΝΤΟΣ (ΚΑΡΠΕΝΗΣΙ)	ΤΕΙ ΣΤΕΡ ΕΛΛΑΔΑΣ	10% ΓΕΝΙΚΗ ΣΕΙΡΑ	7.248	6.804	444	6,5%
551	ΔΑΣΟΠΟΝΙΑΣ & ΔΙΑΧΕΙΡΙΣΗΣ ΦΥΣΙΚΟΥ ΠΕΡΙΒΑΛΛΟΝΤΟΣ (ΚΑΡΠΕΝΗΣΙ)	ΤΕΙ ΣΤΕΡ ΕΛΛΑΔΑΣ	10% ΕΙΔ.ΠΕΡ. ΠΟΛΥΤΕΚΝΟΙ (Βα)	5.903	2.636	3.267	123,9%
